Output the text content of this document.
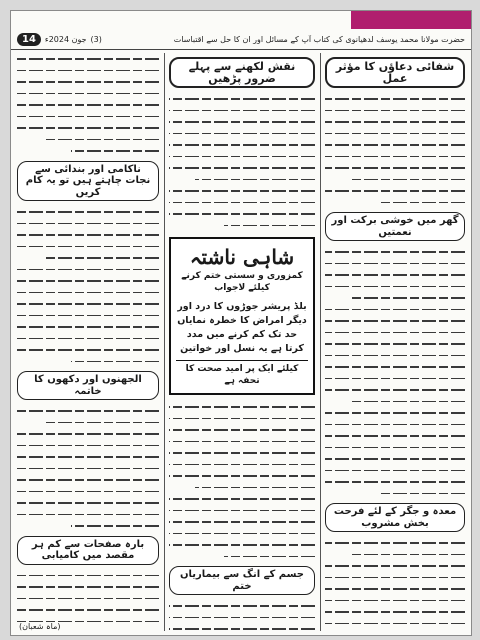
حضرت مولانا محمد یوسف لدھیانوی کی کتاب آپ کے مسائل اور ان کا حل سے اقتباسات
14	جون 2024ء (3)
شفائی دعاؤں کا مؤثر عمل
گھر میں خوشی برکت اور نعمتیں
معدہ و جگر کے لئے فرحت بخش مشروب
نقش لکھنے سے پہلے ضرور پڑھیں
شاہی ناشتہ
کمزوری و سستی ختم کرنے کیلئے لاجواب
بلڈ پریشر جوڑوں کا درد اور دیگر امراض کا خطرہ نمایاں حد تک کم کرنے میں مدد کرتا ہے یہ نسل اور خواتین
کیلئے ایک پر امید صحت کا تحفہ ہے
جسم کے انگ سے بیماریاں ختم
ناکامی اور بندائی سے نجات چاہتے ہیں تو یہ کام کریں
الجھنوں اور دکھوں کا خاتمہ
بارہ صفحات سے کم ہر مقصد میں کامیابی
(ماہ شعبان)
